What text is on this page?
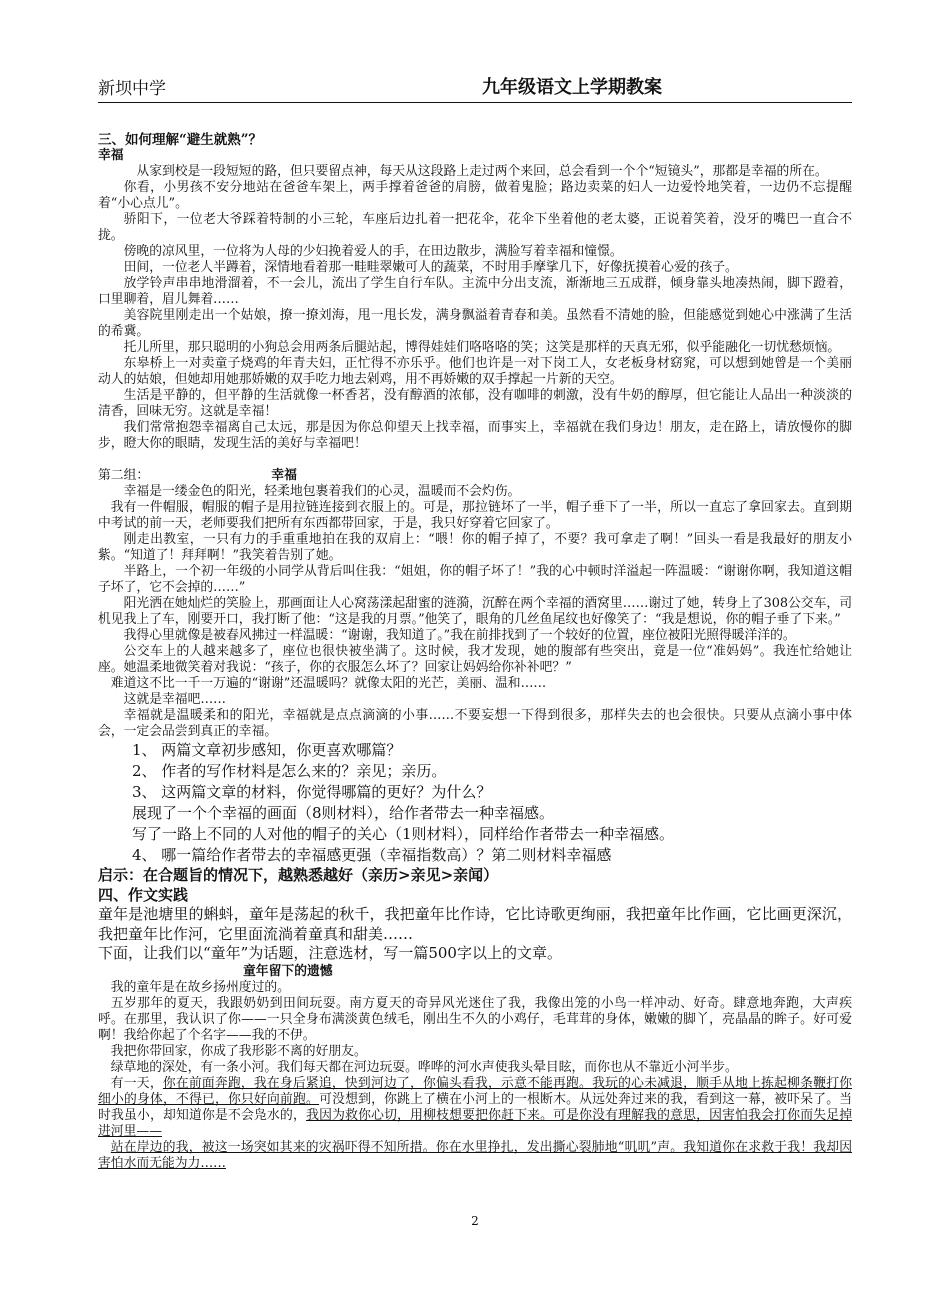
新坝中学	九年级语文上学期教案

三、如何理解“避生就熟”？

幸福

从家到校是一段短短的路，但只要留点神，每天从这段路上走过两个来回，总会看到一个个“短镜头”，那都是幸福的所在。

你看，小男孩不安分地站在爸爸车架上，两手撑着爸爸的肩膀，做着鬼脸；路边卖菜的妇人一边爱怜地笑着，一边仍不忘提醒着“小心点儿”。

骄阳下，一位老大爷踩着特制的小三轮，车座后边扎着一把花伞，花伞下坐着他的老太婆，正说着笑着，没牙的嘴巴一直合不拢。

傍晚的凉风里，一位将为人母的少妇挽着爱人的手，在田边散步，满脸写着幸福和憧憬。

田间，一位老人半蹲着，深情地看着那一畦畦翠嫩可人的蔬菜，不时用手摩挲几下，好像抚摸着心爱的孩子。

放学铃声串串地滑溜着，不一会儿，流出了学生自行车队。主流中分出支流，渐渐地三五成群，倾身靠头地凑热闹，脚下蹬着，口里聊着，眉儿舞着……

美容院里刚走出一个姑娘，撩一撩刘海，甩一甩长发，满身飘溢着青春和美。虽然看不清她的脸，但能感觉到她心中涨满了生活的希冀。

托儿所里，那只聪明的小狗总会用两条后腿站起，博得娃娃们咯咯咯的笑；这笑是那样的天真无邪，似乎能融化一切忧愁烦恼。

东皋桥上一对卖童子烧鸡的年青夫妇，正忙得不亦乐乎。他们也许是一对下岗工人，女老板身材窈窕，可以想到她曾是一个美丽动人的姑娘，但她却用她那娇嫩的双手吃力地去剁鸡，用不再娇嫩的双手撑起一片新的天空。

生活是平静的，但平静的生活就像一杯香茗，没有醇酒的浓郁，没有咖啡的刺激，没有牛奶的醇厚，但它能让人品出一种淡淡的清香，回味无穷。这就是幸福！

我们常常抱怨幸福离自己太远，那是因为你总仰望天上找幸福，而事实上，幸福就在我们身边！朋友，走在路上，请放慢你的脚步，瞪大你的眼睛，发现生活的美好与幸福吧！

第二组：	幸福

幸福是一缕金色的阳光，轻柔地包裹着我们的心灵，温暖而不会灼伤。

我有一件帽服，帽服的帽子是用拉链连接到衣服上的。可是，那拉链坏了一半，帽子垂下了一半，所以一直忘了拿回家去。直到期中考试的前一天，老师要我们把所有东西都带回家，于是，我只好穿着它回家了。

刚走出教室，一只有力的手重重地拍在我的双肩上：“喂！你的帽子掉了，不要？我可拿走了啊！”回头一看是我最好的朋友小紫。“知道了！拜拜啊！”我笑着告别了她。

半路上，一个初一年级的小同学从背后叫住我：“姐姐，你的帽子坏了！”我的心中顿时洋溢起一阵温暖：“谢谢你啊，我知道这帽子坏了，它不会掉的……”

阳光洒在她灿烂的笑脸上，那画面让人心窝荡漾起甜蜜的涟漪，沉醉在两个幸福的酒窝里……谢过了她，转身上了308公交车，司机见我上了车，刚要开口，我打断了他：“这是我的月票。”他笑了，眼角的几丝鱼尾纹也好像笑了：“我是想说，你的帽子垂了下来。”

我得心里就像是被春风拂过一样温暖：“谢谢，我知道了。”我在前排找到了一个较好的位置，座位被阳光照得暖洋洋的。

公交车上的人越来越多了，座位也很快被坐满了。这时候，我才发现，她的腹部有些突出，竟是一位“准妈妈”。我连忙给她让座。她温柔地微笑着对我说：“孩子，你的衣服怎么坏了？回家让妈妈给你补补吧？”

难道这不比一千一万遍的“谢谢”还温暖吗？就像太阳的光芒，美丽、温和……

这就是幸福吧……

幸福就是温暖柔和的阳光，幸福就是点点滴滴的小事……不要妄想一下得到很多，那样失去的也会很快。只要从点滴小事中体会，一定会品尝到真正的幸福。

1、 两篇文章初步感知，你更喜欢哪篇？

2、 作者的写作材料是怎么来的？亲见；亲历。

3、 这两篇文章的材料，你觉得哪篇的更好？为什么？

展现了一个个幸福的画面（8则材料），给作者带去一种幸福感。

写了一路上不同的人对他的帽子的关心（1则材料），同样给作者带去一种幸福感。

4、 哪一篇给作者带去的幸福感更强（幸福指数高）？第二则材料幸福感

启示：在合题旨的情况下，越熟悉越好（亲历>亲见>亲闻）

四、作文实践

童年是池塘里的蝌蚪，童年是荡起的秋千，我把童年比作诗，它比诗歌更绚丽，我把童年比作画，它比画更深沉，我把童年比作河，它里面流淌着童真和甜美……

下面，让我们以“童年”为话题，注意选材，写一篇500字以上的文章。

童年留下的遗憾

我的童年是在故乡扬州度过的。

五岁那年的夏天，我跟奶奶到田间玩耍。南方夏天的奇异风光迷住了我，我像出笼的小鸟一样冲动、好奇。肆意地奔跑，大声疾呼。在那里，我认识了你——一只全身布满淡黄色绒毛，刚出生不久的小鸡仔，毛茸茸的身体，嫩嫩的脚丫，亮晶晶的眸子。好可爱啊！我给你起了个名字——我的不伊。

我把你带回家，你成了我形影不离的好朋友。

绿草地的深处，有一条小河。我们每天都在河边玩耍。哗哗的河水声使我头晕目眩，而你也从不靠近小河半步。

有一天，你在前面奔跑，我在身后紧追，快到河边了，你偏头看我，示意不能再跑。我玩的心未减退，顺手从地上拣起柳条鞭打你细小的身体，不得已，你只好向前跑。可没想到，你跳上了横在小河上的一根断木。从远处奔过来的我，看到这一幕，被吓呆了。当时我虽小，却知道你是不会凫水的，我因为救你心切，用柳枝想要把你赶下来。可是你没有理解我的意思，因害怕我会打你而失足掉进河里——

站在岸边的我，被这一场突如其来的灾祸吓得不知所措。你在水里挣扎，发出撕心裂肺地“叽叽”声。我知道你在求救于我！我却因害怕水而无能为力……

2
